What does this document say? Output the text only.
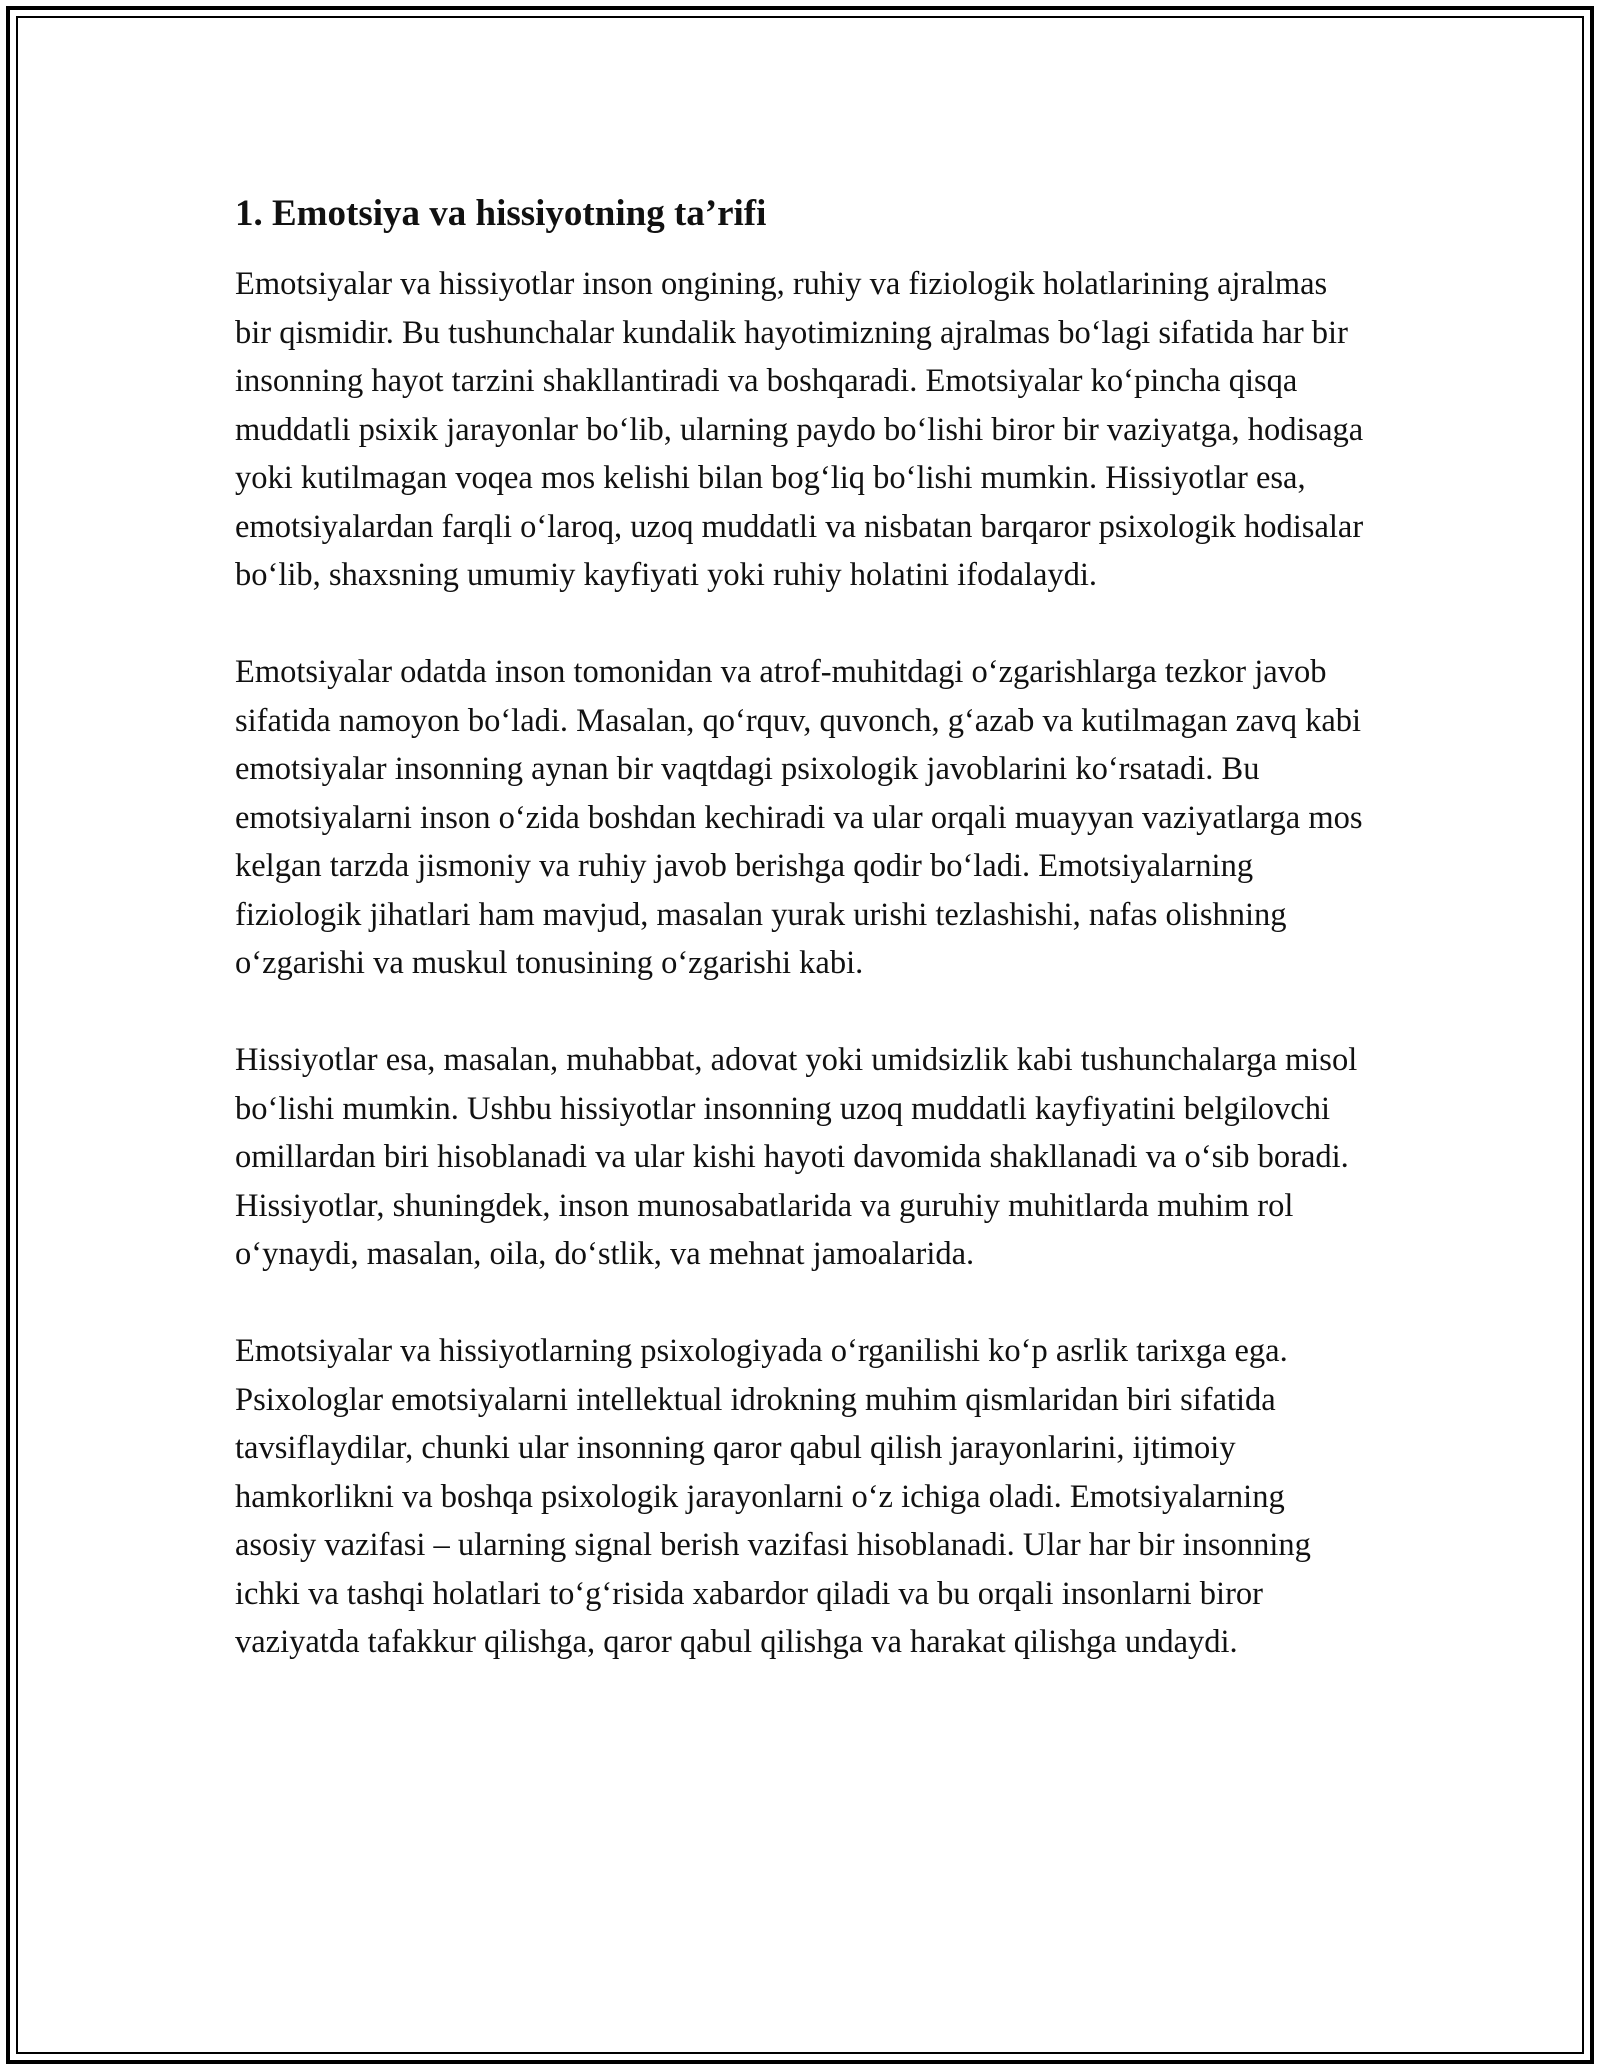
1. Emotsiya va hissiyotning ta’rifi

Emotsiyalar va hissiyotlar inson ongining, ruhiy va fiziologik holatlarining ajralmas bir qismidir. Bu tushunchalar kundalik hayotimizning ajralmas bo‘lagi sifatida har bir insonning hayot tarzini shakllantiradi va boshqaradi. Emotsiyalar ko‘pincha qisqa muddatli psixik jarayonlar bo‘lib, ularning paydo bo‘lishi biror bir vaziyatga, hodisaga yoki kutilmagan voqea mos kelishi bilan bog‘liq bo‘lishi mumkin. Hissiyotlar esa, emotsiyalardan farqli o‘laroq, uzoq muddatli va nisbatan barqaror psixologik hodisalar bo‘lib, shaxsning umumiy kayfiyati yoki ruhiy holatini ifodalaydi.

Emotsiyalar odatda inson tomonidan va atrof-muhitdagi o‘zgarishlarga tezkor javob sifatida namoyon bo‘ladi. Masalan, qo‘rquv, quvonch, g‘azab va kutilmagan zavq kabi emotsiyalar insonning aynan bir vaqtdagi psixologik javoblarini ko‘rsatadi. Bu emotsiyalarni inson o‘zida boshdan kechiradi va ular orqali muayyan vaziyatlarga mos kelgan tarzda jismoniy va ruhiy javob berishga qodir bo‘ladi. Emotsiyalarning fiziologik jihatlari ham mavjud, masalan yurak urishi tezlashishi, nafas olishning o‘zgarishi va muskul tonusining o‘zgarishi kabi.

Hissiyotlar esa, masalan, muhabbat, adovat yoki umidsizlik kabi tushunchalarga misol bo‘lishi mumkin. Ushbu hissiyotlar insonning uzoq muddatli kayfiyatini belgilovchi omillardan biri hisoblanadi va ular kishi hayoti davomida shakllanadi va o‘sib boradi. Hissiyotlar, shuningdek, inson munosabatlarida va guruhiy muhitlarda muhim rol o‘ynaydi, masalan, oila, do‘stlik, va mehnat jamoalarida.

Emotsiyalar va hissiyotlarning psixologiyada o‘rganilishi ko‘p asrlik tarixga ega. Psixologlar emotsiyalarni intellektual idrokning muhim qismlaridan biri sifatida tavsiflaydilar, chunki ular insonning qaror qabul qilish jarayonlarini, ijtimoiy hamkorlikni va boshqa psixologik jarayonlarni o‘z ichiga oladi. Emotsiyalarning asosiy vazifasi – ularning signal berish vazifasi hisoblanadi. Ular har bir insonning ichki va tashqi holatlari to‘g‘risida xabardor qiladi va bu orqali insonlarni biror vaziyatda tafakkur qilishga, qaror qabul qilishga va harakat qilishga undaydi.
